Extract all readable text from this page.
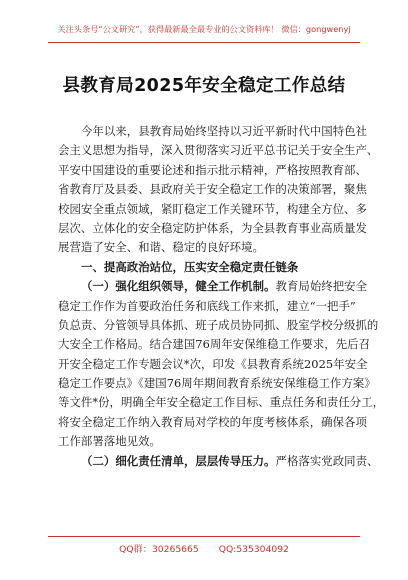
关注头条号“公文研究”，获得最新最全最专业的公文资料库！ 微信：gongwenyj
县教育局2025年安全稳定工作总结
今年以来，县教育局始终坚持以习近平新时代中国特色社
会主义思想为指导，深入贯彻落实习近平总书记关于安全生产、
平安中国建设的重要论述和指示批示精神，严格按照教育部、
省教育厅及县委、县政府关于安全稳定工作的决策部署，聚焦
校园安全重点领域，紧盯稳定工作关键环节，构建全方位、多
层次、立体化的安全稳定防护体系，为全县教育事业高质量发
展营造了安全、和谐、稳定的良好环境。
一、提高政治站位，压实安全稳定责任链条
（一）强化组织领导，健全工作机制。教育局始终把安全
稳定工作作为首要政治任务和底线工作来抓，建立“一把手”
负总责、分管领导具体抓、班子成员协同抓、股室学校分级抓的
大安全工作格局。结合建国76周年安保维稳工作要求，先后召
开安全稳定工作专题会议*次，印发《县教育系统2025年安全
稳定工作要点》《建国76周年期间教育系统安保维稳工作方案》
等文件*份，明确全年安全稳定工作目标、重点任务和责任分工，
将安全稳定工作纳入教育局对学校的年度考核体系，确保各项
工作部署落地见效。
（二）细化责任清单，层层传导压力。严格落实党政同责、
QQ群：30265665 QQ:535304092
